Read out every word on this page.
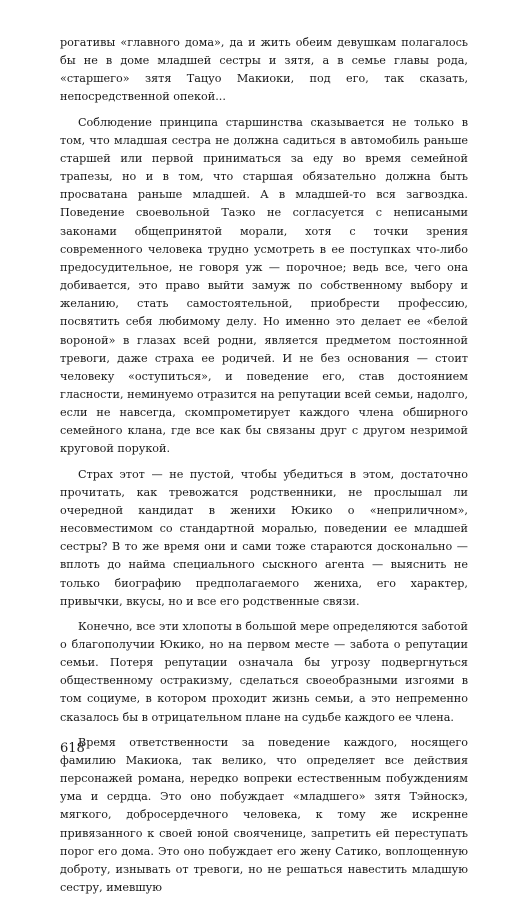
рогативы «главного дома», да и жить обеим девушкам полагалось бы не в доме младшей сестры и зятя, а в семье главы рода, «старшего» зятя Тацуо Макиоки, под его, так сказать, непосредственной опекой...

Соблюдение принципа старшинства сказывается не только в том, что младшая сестра не должна садиться в автомобиль раньше старшей или первой приниматься за еду во время семейной трапезы, но и в том, что старшая обязательно должна быть просватана раньше младшей. А в младшей-то вся загвоздка. Поведение своевольной Таэко не согласуется с неписаными законами общепринятой морали, хотя с точки зрения современного человека трудно усмотреть в ее поступках что-либо предосудительное, не говоря уж — порочное; ведь все, чего она добивается, это право выйти замуж по собственному выбору и желанию, стать самостоятельной, приобрести профессию, посвятить себя любимому делу. Но именно это делает ее «белой вороной» в глазах всей родни, является предметом постоянной тревоги, даже страха ее родичей. И не без основания — стоит человеку «оступиться», и поведение его, став достоянием гласности, неминуемо отразится на репутации всей семьи, надолго, если не навсегда, скомпрометирует каждого члена обширного семейного клана, где все как бы связаны друг с другом незримой круговой порукой.

Страх этот — не пустой, чтобы убедиться в этом, достаточно прочитать, как тревожатся родственники, не прослышал ли очередной кандидат в женихи Юкико о «неприличном», несовместимом со стандартной моралью, поведении ее младшей сестры? В то же время они и сами тоже стараются досконально — вплоть до найма специального сыскного агента — выяснить не только биографию предполагаемого жениха, его характер, привычки, вкусы, но и все его родственные связи.

Конечно, все эти хлопоты в большой мере определяются заботой о благополучии Юкико, но на первом месте — забота о репутации семьи. Потеря репутации означала бы угрозу подвергнуться общественному остракизму, сделаться своеобразными изгоями в том социуме, в котором проходит жизнь семьи, а это непременно сказалось бы в отрицательном плане на судьбе каждого ее члена.

Время ответственности за поведение каждого, носящего фамилию Макиока, так велико, что определяет все действия персонажей романа, нередко вопреки естественным побуждениям ума и сердца. Это оно побуждает «младшего» зятя Тэйноскэ, мягкого, добросердечного человека, к тому же искренне привязанного к своей юной свояченице, запретить ей переступать порог его дома. Это оно побуждает его жену Сатико, воплощенную доброту, изнывать от тревоги, но не решаться навестить младшую сестру, имевшую

618
